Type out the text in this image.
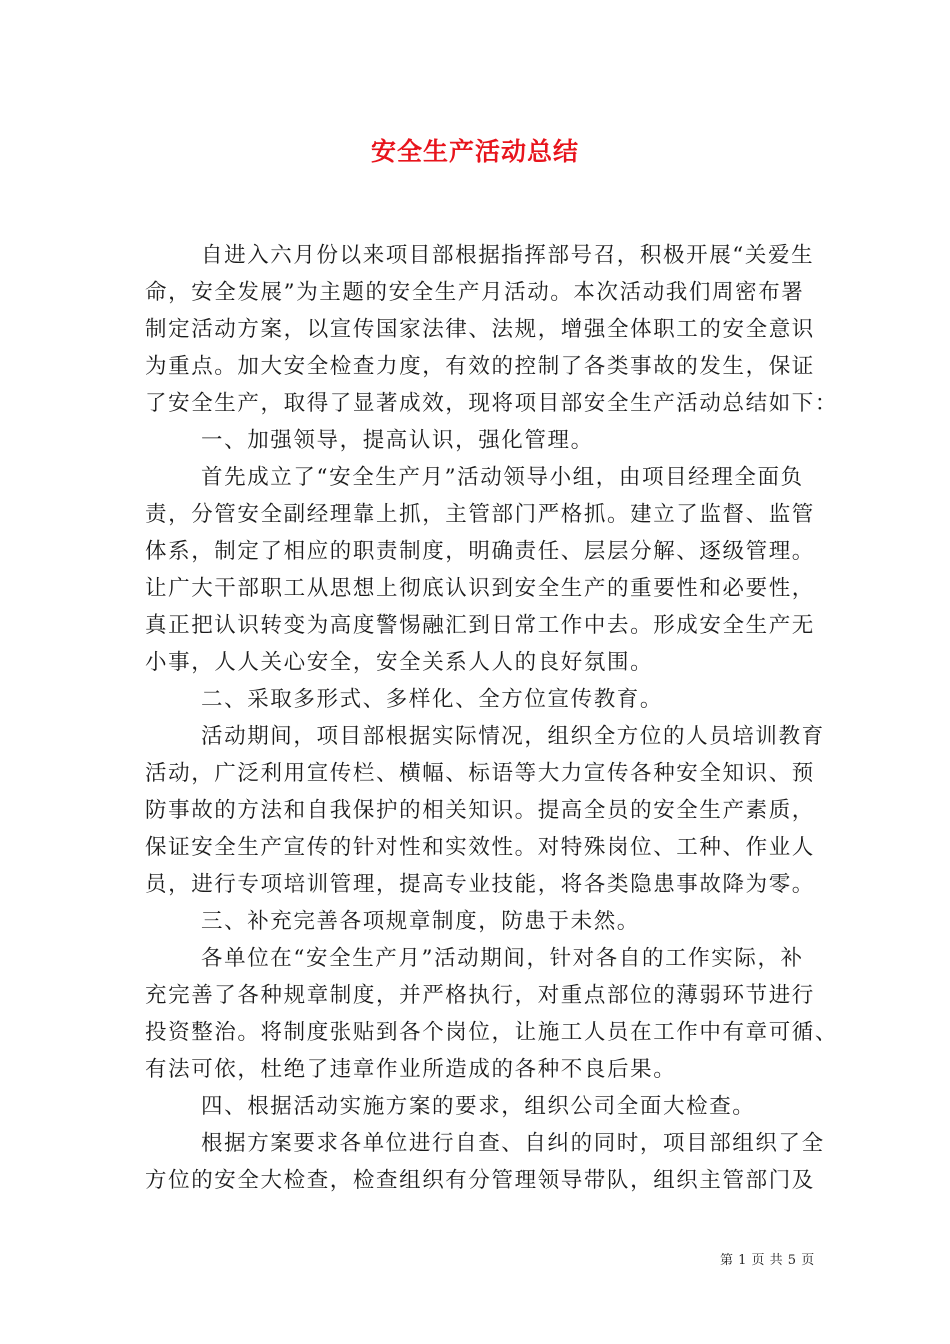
安全生产活动总结
自进入六月份以来项目部根据指挥部号召，积极开展“关爱生
命，安全发展”为主题的安全生产月活动。本次活动我们周密布署
制定活动方案，以宣传国家法律、法规，增强全体职工的安全意识
为重点。加大安全检查力度，有效的控制了各类事故的发生，保证
了安全生产，取得了显著成效，现将项目部安全生产活动总结如下：
一、加强领导，提高认识，强化管理。
首先成立了“安全生产月”活动领导小组，由项目经理全面负
责，分管安全副经理靠上抓，主管部门严格抓。建立了监督、监管
体系，制定了相应的职责制度，明确责任、层层分解、逐级管理。
让广大干部职工从思想上彻底认识到安全生产的重要性和必要性，
真正把认识转变为高度警惕融汇到日常工作中去。形成安全生产无
小事，人人关心安全，安全关系人人的良好氛围。
二、采取多形式、多样化、全方位宣传教育。
活动期间，项目部根据实际情况，组织全方位的人员培训教育
活动，广泛利用宣传栏、横幅、标语等大力宣传各种安全知识、预
防事故的方法和自我保护的相关知识。提高全员的安全生产素质，
保证安全生产宣传的针对性和实效性。对特殊岗位、工种、作业人
员，进行专项培训管理，提高专业技能，将各类隐患事故降为零。
三、补充完善各项规章制度，防患于未然。
各单位在“安全生产月”活动期间，针对各自的工作实际，补
充完善了各种规章制度，并严格执行，对重点部位的薄弱环节进行
投资整治。将制度张贴到各个岗位，让施工人员在工作中有章可循、
有法可依，杜绝了违章作业所造成的各种不良后果。
四、根据活动实施方案的要求，组织公司全面大检查。
根据方案要求各单位进行自查、自纠的同时，项目部组织了全
方位的安全大检查，检查组织有分管理领导带队，组织主管部门及
第 1 页 共 5 页
